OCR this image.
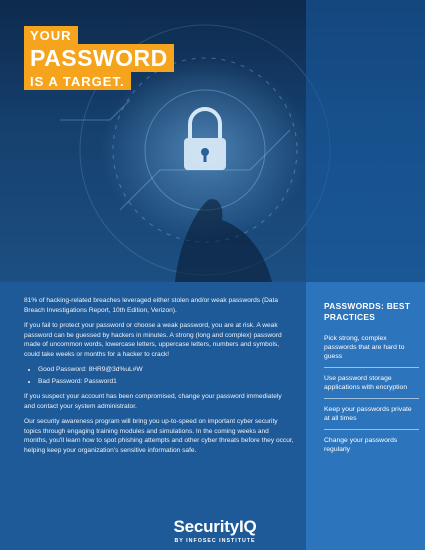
YOUR
PASSWORD
IS A TARGET.

81% of hacking-related breaches leveraged either stolen and/or weak passwords (Data Breach Investigations Report, 10th Edition, Verizon).

If you fail to protect your password or choose a weak password, you are at risk. A weak password can be guessed by hackers in minutes. A strong (long and complex) password made of uncommon words, lowercase letters, uppercase letters, numbers and symbols, could take weeks or months for a hacker to crack!

• Good Password: 8HR9@3d%uL#W
• Bad Password: Password1

If you suspect your account has been compromised, change your password immediately and contact your system administrator.

Our security awareness program will bring you up-to-speed on important cyber security topics through engaging training modules and simulations. In the coming weeks and months, you'll learn how to spot phishing attempts and other cyber threats before they occur, helping keep your organization's sensitive information safe.

PASSWORDS: BEST PRACTICES
Pick strong, complex passwords that are hard to guess
Use password storage applications with encryption
Keep your passwords private at all times
Change your passwords regularly
SecurityIQ
BY INFOSEC INSTITUTE
